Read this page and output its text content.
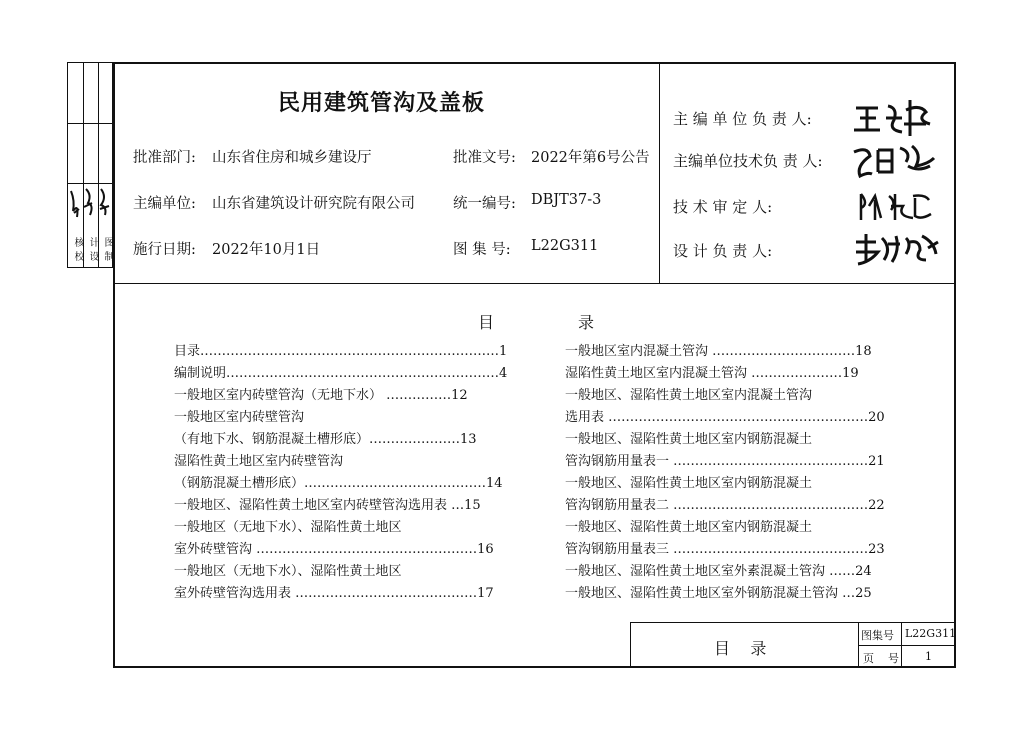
校
核
设
计
制
图
民用建筑管沟及盖板
批准部门: 山东省住房和城乡建设厅	批准文号: 2022年第6号公告
主编单位: 山东省建筑设计研究院有限公司	统一编号: DBJT37-3
施行日期: 2022年10月1日	图 集 号: L22G311
主 编 单 位 负 责 人:
主编单位技术负 责 人:
技 术 审 定 人:
设 计 负 责 人:
目	录
目录……………………………………………………………1
编制说明………………………………………………………4
一般地区室内砖壁管沟（无地下水） ……………12
一般地区室内砖壁管沟
（有地下水、钢筋混凝土槽形底）…………………13
湿陷性黄土地区室内砖壁管沟
（钢筋混凝土槽形底）……………………………………14
一般地区、湿陷性黄土地区室内砖壁管沟选用表 …15
一般地区（无地下水）、湿陷性黄土地区
室外砖壁管沟 ……………………………………………16
一般地区（无地下水）、湿陷性黄土地区
室外砖壁管沟选用表 ……………………………………17
一般地区室内混凝土管沟 ……………………………18
湿陷性黄土地区室内混凝土管沟 …………………19
一般地区、湿陷性黄土地区室内混凝土管沟
选用表 ……………………………………………………20
一般地区、湿陷性黄土地区室内钢筋混凝土
管沟钢筋用量表一 ………………………………………21
一般地区、湿陷性黄土地区室内钢筋混凝土
管沟钢筋用量表二 ………………………………………22
一般地区、湿陷性黄土地区室内钢筋混凝土
管沟钢筋用量表三 ………………………………………23
一般地区、湿陷性黄土地区室外素混凝土管沟 ……24
一般地区、湿陷性黄土地区室外钢筋混凝土管沟 …25
目    录
图集号 L22G311
页    号 1
